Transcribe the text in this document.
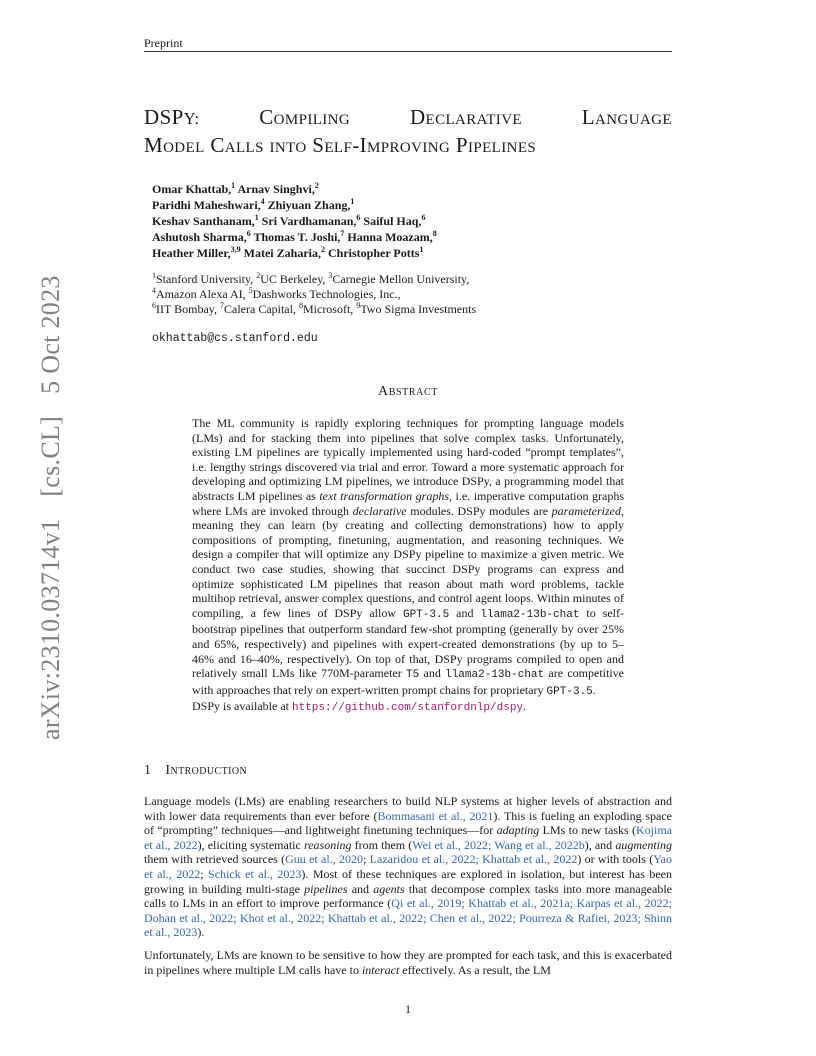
Preprint
arXiv:2310.03714v1[cs.CL]5 Oct 2023
DSPY:	Compiling	Declarative	Language
Model Calls into Self-Improving Pipelines
Omar Khattab,$^1$ Arnav Singhvi,$^2$
Paridhi Maheshwari,$^4$ Zhiyuan Zhang,$^1$
Keshav Santhanam,$^1$ Sri Vardhamanan,$^6$ Saiful Haq,$^6$
Ashutosh Sharma,$^6$ Thomas T. Joshi,$^7$ Hanna Moazam,$^8$
Heather Miller,$^{3,9}$ Matei Zaharia,$^2$ Christopher Potts$^1$
$^1$Stanford University, $^2$UC Berkeley, $^3$Carnegie Mellon University,
$^4$Amazon Alexa AI, $^5$Dashworks Technologies, Inc.,
$^6$IIT Bombay, $^7$Calera Capital, $^8$Microsoft, $^9$Two Sigma Investments
okhattab@cs.stanford.edu
Abstract
The ML community is rapidly exploring techniques for prompting language models (LMs) and for stacking them into pipelines that solve complex tasks. Unfortunately, existing LM pipelines are typically implemented using hard-coded “prompt templates”, i.e. lengthy strings discovered via trial and error. Toward a more systematic approach for developing and optimizing LM pipelines, we introduce DSPy, a programming model that abstracts LM pipelines as text transformation graphs, i.e. imperative computation graphs where LMs are invoked through declarative modules. DSPy modules are parameterized, meaning they can learn (by creating and collecting demonstrations) how to apply compositions of prompting, finetuning, augmentation, and reasoning techniques. We design a compiler that will optimize any DSPy pipeline to maximize a given metric. We conduct two case studies, showing that succinct DSPy programs can express and optimize sophisticated LM pipelines that reason about math word problems, tackle multihop retrieval, answer complex questions, and control agent loops. Within minutes of compiling, a few lines of DSPy allow GPT-3.5 and llama2-13b-chat to self-bootstrap pipelines that outperform standard few-shot prompting (generally by over 25% and 65%, respectively) and pipelines with expert-created demonstrations (by up to 5–46% and 16–40%, respectively). On top of that, DSPy programs compiled to open and relatively small LMs like 770M-parameter T5 and llama2-13b-chat are competitive with approaches that rely on expert-written prompt chains for proprietary GPT-3.5.
DSPy is available at https://github.com/stanfordnlp/dspy.
1 Introduction

Language models (LMs) are enabling researchers to build NLP systems at higher levels of abstraction and with lower data requirements than ever before (Bommasani et al., 2021). This is fueling an exploding space of “prompting” techniques—and lightweight finetuning techniques—for adapting LMs to new tasks (Kojima et al., 2022), eliciting systematic reasoning from them (Wei et al., 2022; Wang et al., 2022b), and augmenting them with retrieved sources (Guu et al., 2020; Lazaridou et al., 2022; Khattab et al., 2022) or with tools (Yao et al., 2022; Schick et al., 2023). Most of these techniques are explored in isolation, but interest has been growing in building multi-stage pipelines and agents that decompose complex tasks into more manageable calls to LMs in an effort to improve performance (Qi et al., 2019; Khattab et al., 2021a; Karpas et al., 2022; Dohan et al., 2022; Khot et al., 2022; Khattab et al., 2022; Chen et al., 2022; Pourreza & Rafiei, 2023; Shinn et al., 2023).

Unfortunately, LMs are known to be sensitive to how they are prompted for each task, and this is exacerbated in pipelines where multiple LM calls have to interact effectively. As a result, the LM

1
